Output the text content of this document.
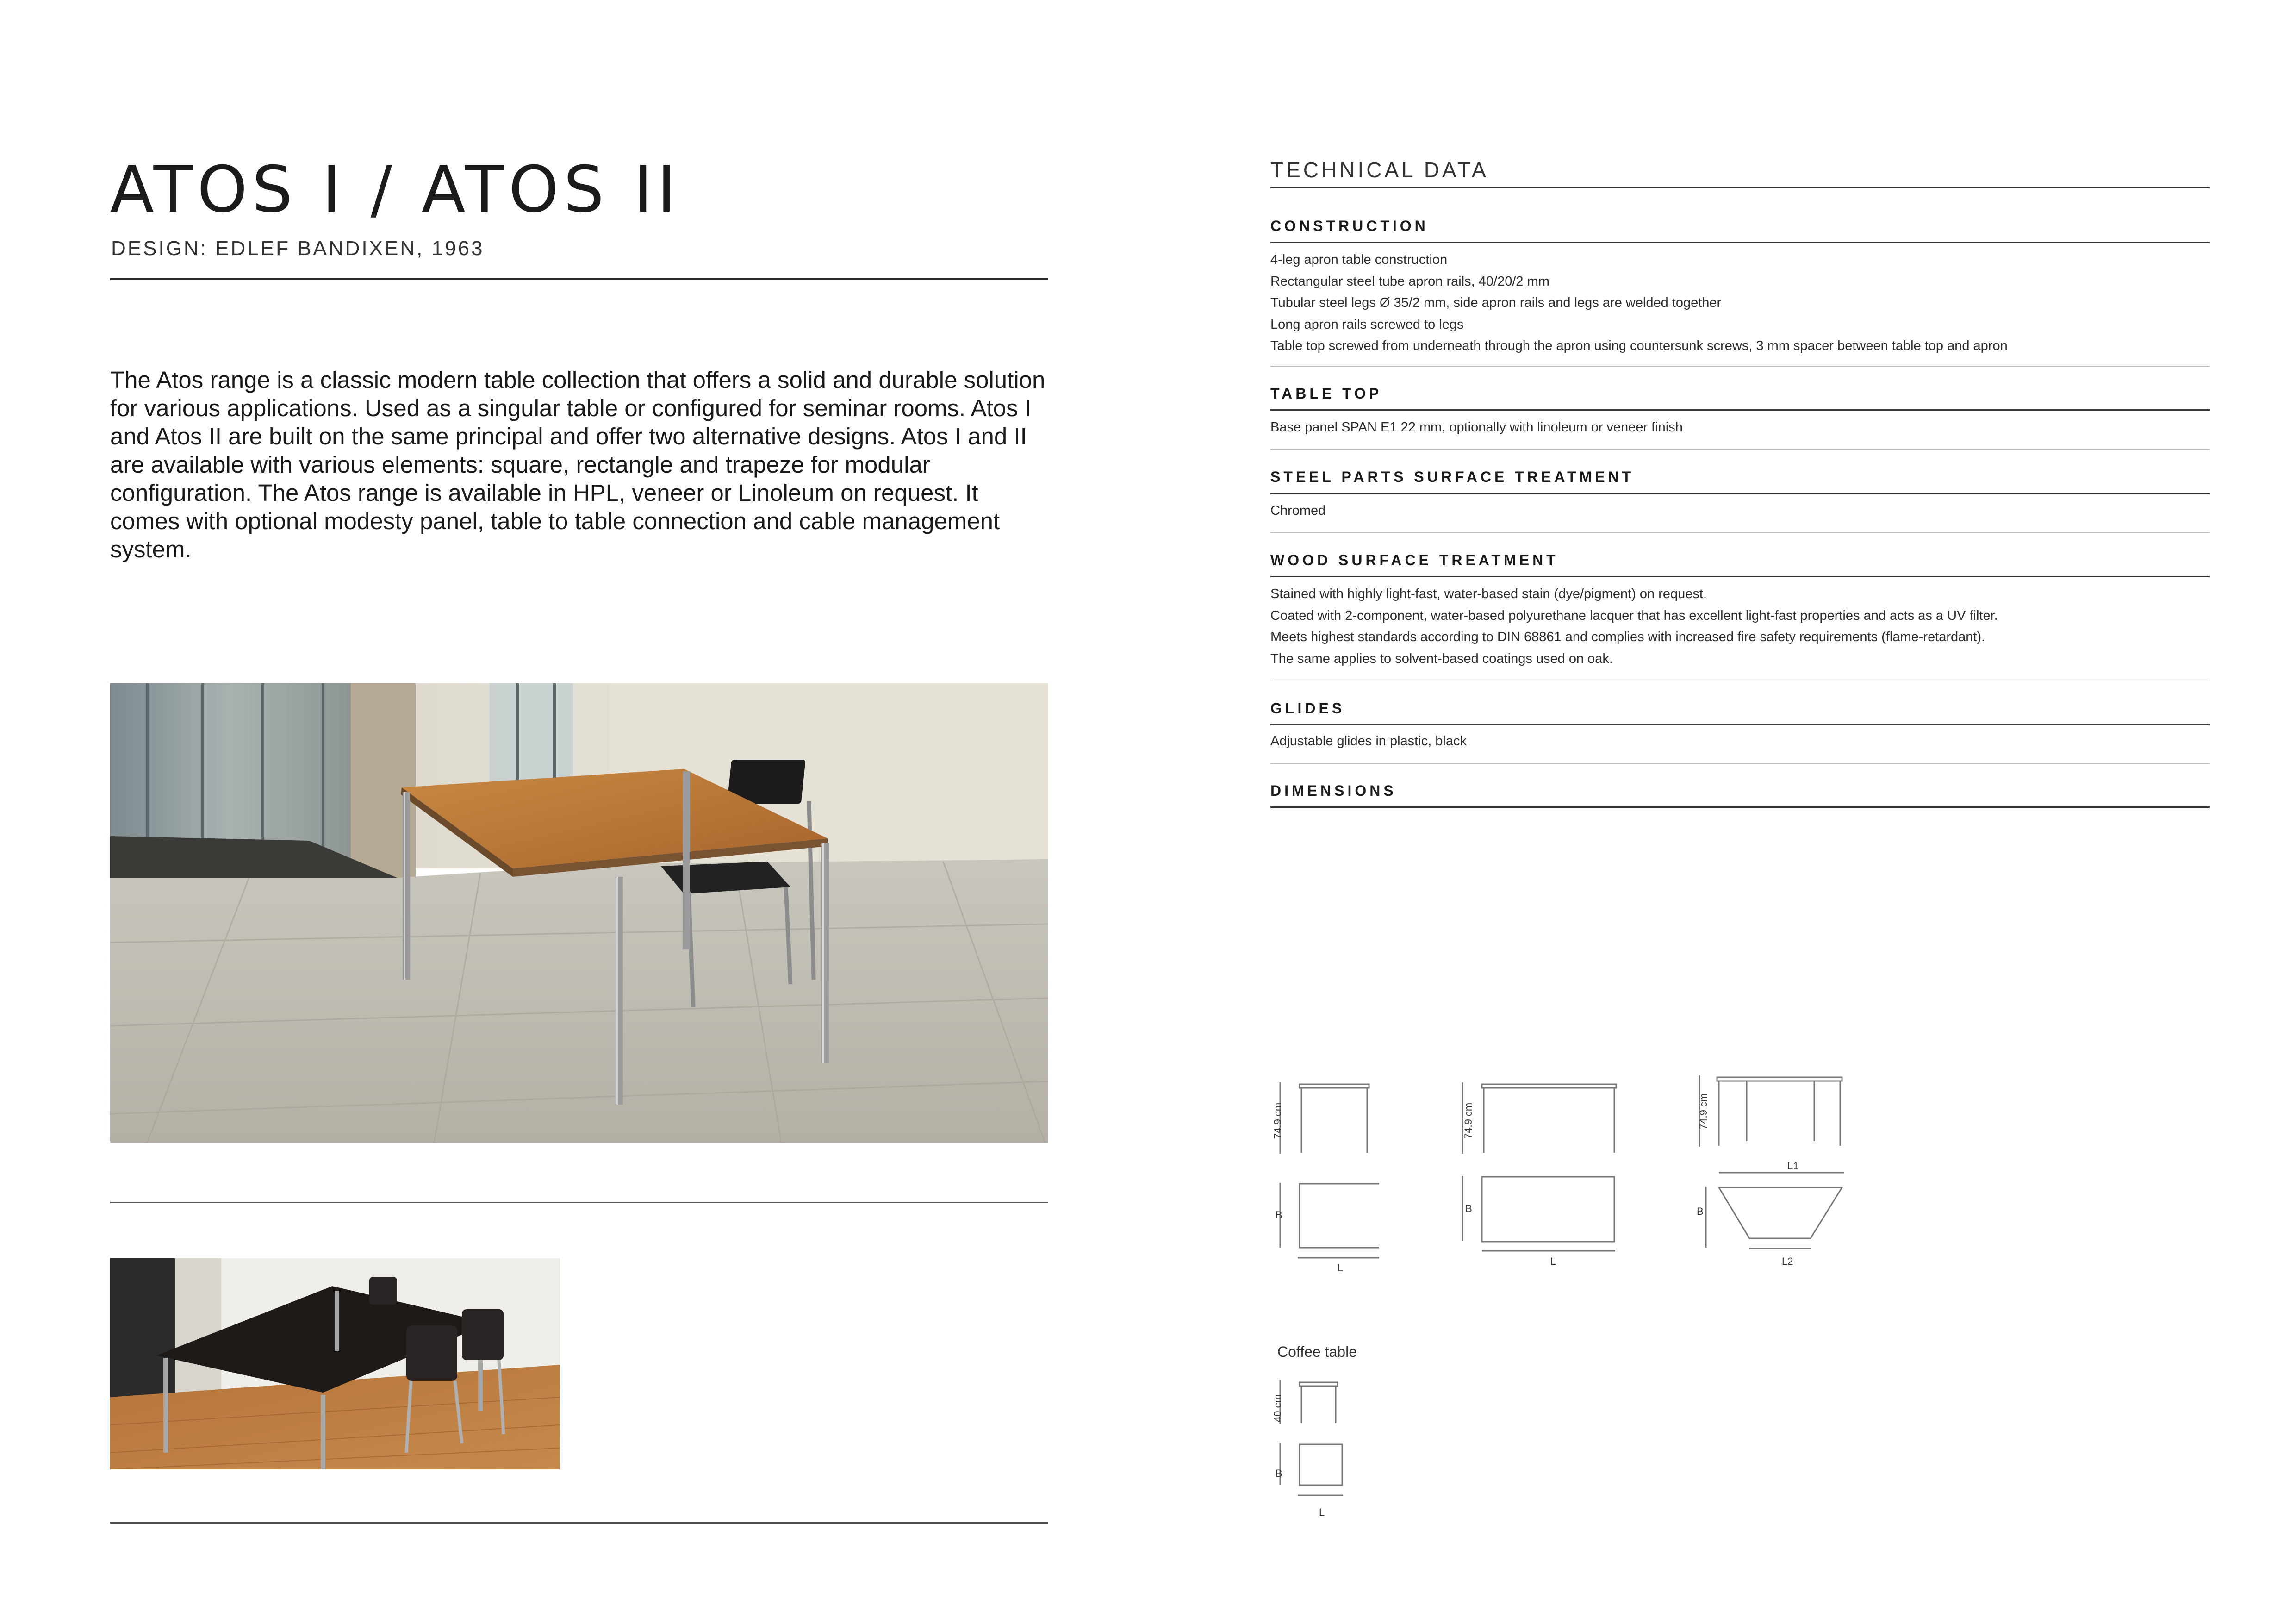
ATOS I / ATOS II
DESIGN: EDLEF BANDIXEN, 1963

The Atos range is a classic modern table collection that offers a solid and durable solution for various applications. Used as a singular table or configured for seminar rooms. Atos I and Atos II are built on the same principal and offer two alternative designs. Atos I and II are available with various elements: square, rectangle and trapeze for modular configuration. The Atos range is available in HPL, veneer or Linoleum on request. It comes with optional modesty panel, table to table connection and cable management system.

TECHNICAL DATA
CONSTRUCTION
4-leg apron table construction
Rectangular steel tube apron rails, 40/20/2 mm
Tubular steel legs Ø 35/2 mm, side apron rails and legs are welded together
Long apron rails screwed to legs
Table top screwed from underneath through the apron using countersunk screws, 3 mm spacer between table top and apron
TABLE TOP
Base panel SPAN E1 22 mm, optionally with linoleum or veneer finish
STEEL PARTS SURFACE TREATMENT
Chromed
WOOD SURFACE TREATMENT
Stained with highly light-fast, water-based stain (dye/pigment) on request.
Coated with 2-component, water-based polyurethane lacquer that has excellent light-fast properties and acts as a UV filter.
Meets highest standards according to DIN 68861 and complies with increased fire safety requirements (flame-retardant).
The same applies to solvent-based coatings used on oak.
GLIDES
Adjustable glides in plastic, black
DIMENSIONS
74.9 cm
B
L
74.9 cm
B
L
74.9 cm
L1
B
L2
Coffee table
40 cm
B
L
